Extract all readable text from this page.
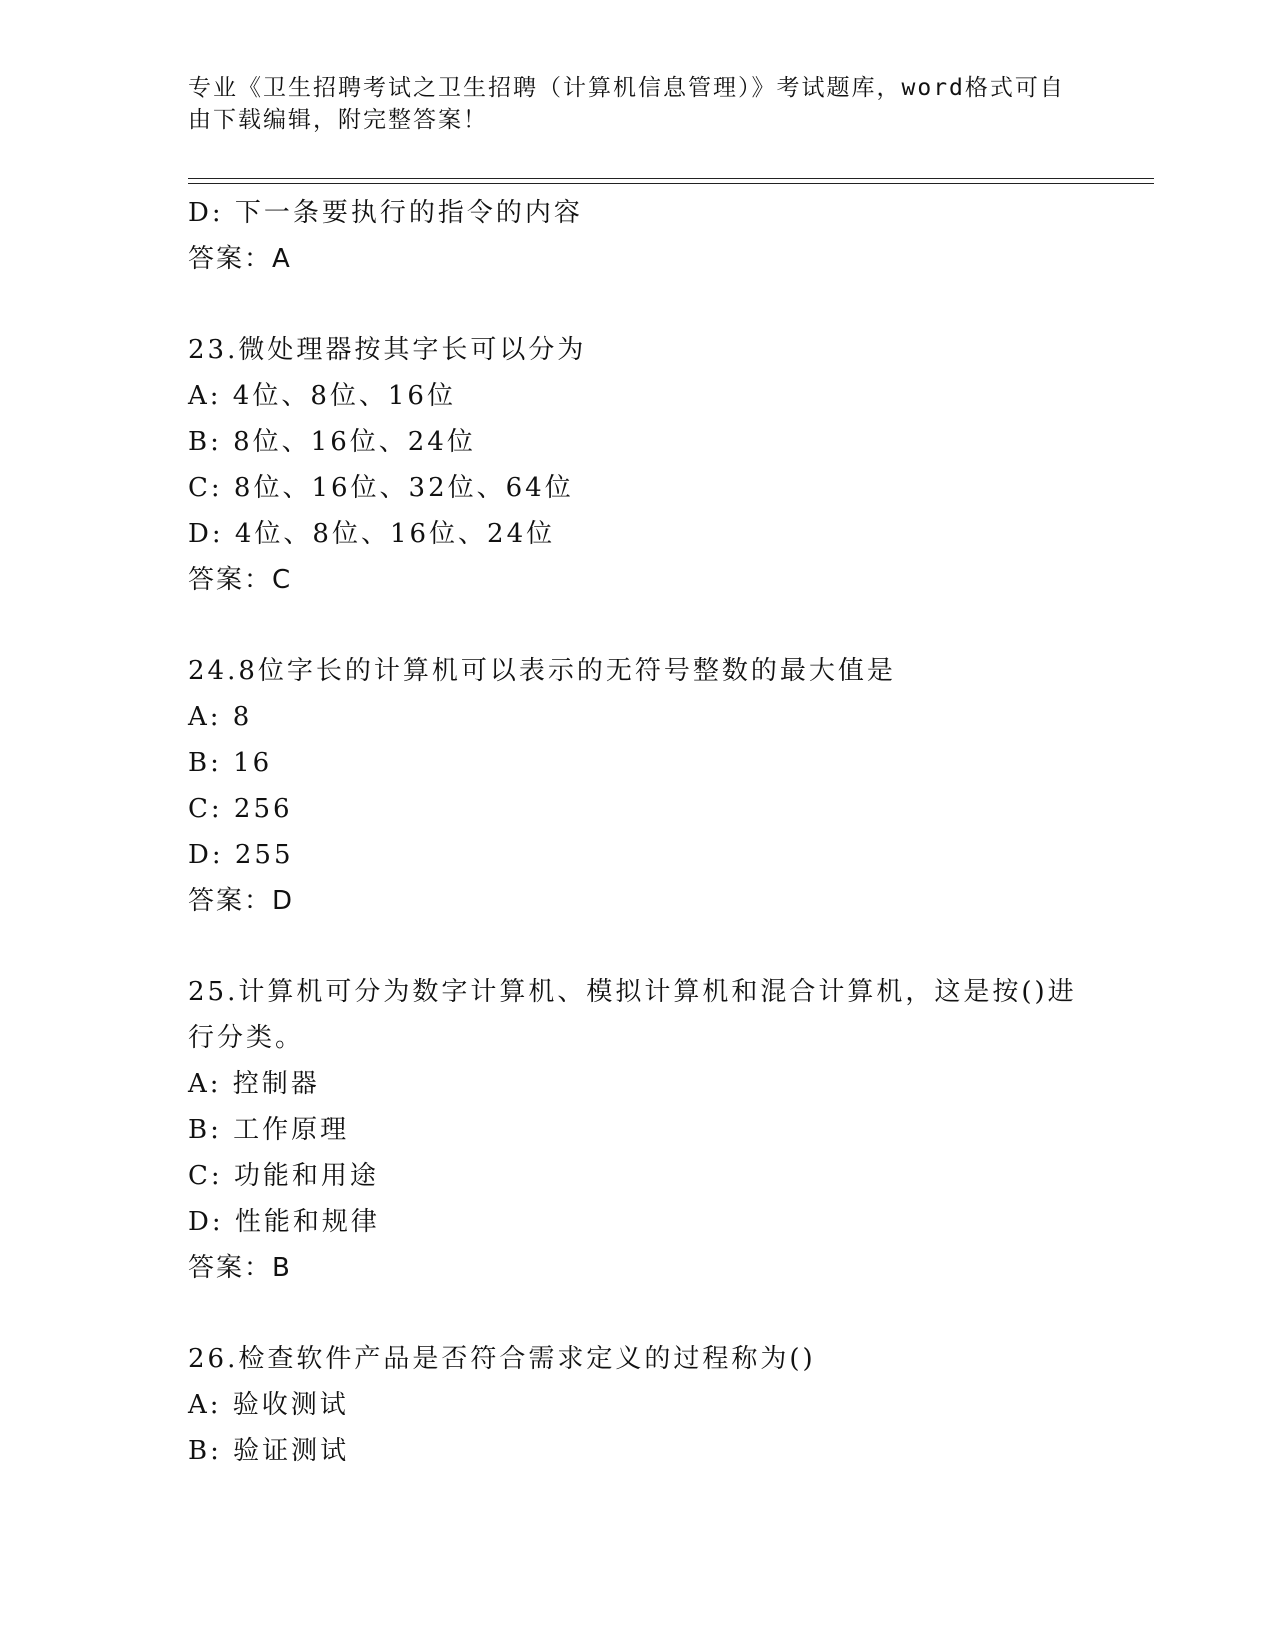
专业《卫生招聘考试之卫生招聘（计算机信息管理）》考试题库，word格式可自
由下载编辑，附完整答案！
D: 下一条要执行的指令的内容
答案：A
23.微处理器按其字长可以分为
A: 4位、8位、16位
B: 8位、16位、24位
C: 8位、16位、32位、64位
D: 4位、8位、16位、24位
答案：C
24.8位字长的计算机可以表示的无符号整数的最大值是
A: 8
B: 16
C: 256
D: 255
答案：D
25.计算机可分为数字计算机、模拟计算机和混合计算机，这是按()进
行分类。
A: 控制器
B: 工作原理
C: 功能和用途
D: 性能和规律
答案：B
26.检查软件产品是否符合需求定义的过程称为()
A: 验收测试
B: 验证测试
